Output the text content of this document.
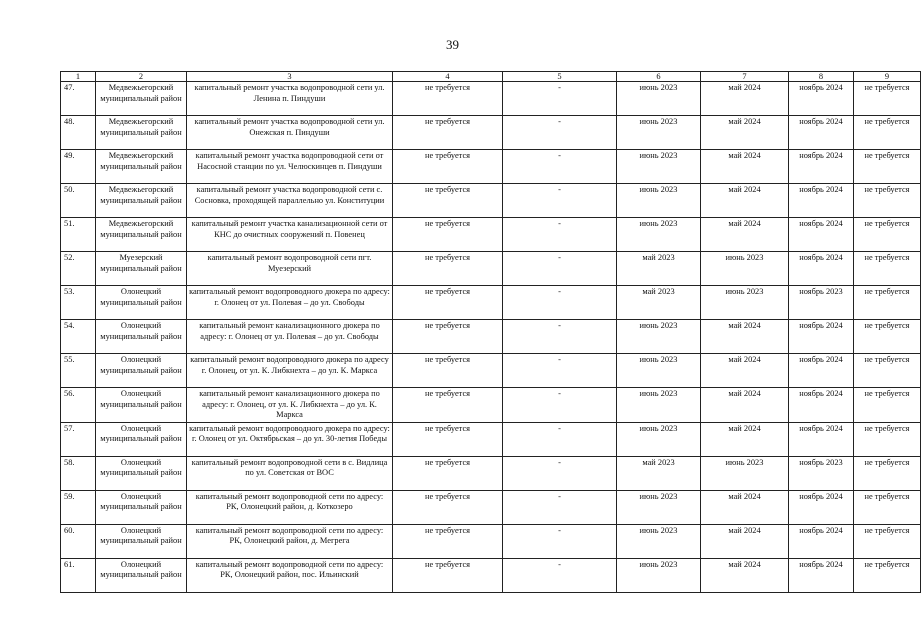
39
1	2	3	4	5	6	7	8	9
47.	Медвежьегорский муниципальный район	капитальный ремонт участка водопроводной сети ул. Ленина п. Пиндуши	не требуется	-	июнь 2023	май 2024	ноябрь 2024	не требуется
48.	Медвежьегорский муниципальный район	капитальный ремонт участка водопроводной сети ул. Онежская п. Пиндуши	не требуется	-	июнь 2023	май 2024	ноябрь 2024	не требуется
49.	Медвежьегорский муниципальный район	капитальный ремонт участка водопроводной сети от Насосной станции по ул. Челюскинцев п. Пиндуши	не требуется	-	июнь 2023	май 2024	ноябрь 2024	не требуется
50.	Медвежьегорский муниципальный район	капитальный ремонт участка водопроводной сети с. Сосновка, проходящей параллельно ул. Конституции	не требуется	-	июнь 2023	май 2024	ноябрь 2024	не требуется
51.	Медвежьегорский муниципальный район	капитальный ремонт участка канализационной сети от КНС до очистных сооружений п. Повенец	не требуется	-	июнь 2023	май 2024	ноябрь 2024	не требуется
52.	Муезерский муниципальный район	капитальный ремонт водопроводной сети пгт. Муезерский	не требуется	-	май 2023	июнь 2023	ноябрь 2024	не требуется
53.	Олонецкий муниципальный район	капитальный ремонт водопроводного дюкера по адресу: г. Олонец от ул. Полевая – до ул. Свободы	не требуется	-	май 2023	июнь 2023	ноябрь 2023	не требуется
54.	Олонецкий муниципальный район	капитальный ремонт канализационного дюкера по адресу: г. Олонец от ул. Полевая – до ул. Свободы	не требуется	-	июнь 2023	май 2024	ноябрь 2024	не требуется
55.	Олонецкий муниципальный район	капитальный ремонт водопроводного дюкера по адресу г. Олонец, от ул. К. Либкнехта – до ул. К. Маркса	не требуется	-	июнь 2023	май 2024	ноябрь 2024	не требуется
56.	Олонецкий муниципальный район	капитальный ремонт канализационного дюкера по адресу: г. Олонец, от ул. К. Либкнехта – до ул. К. Маркса	не требуется	-	июнь 2023	май 2024	ноябрь 2024	не требуется
57.	Олонецкий муниципальный район	капитальный ремонт водопроводного дюкера по адресу: г. Олонец от ул. Октябрьская – до ул. 30-летия Победы	не требуется	-	июнь 2023	май 2024	ноябрь 2024	не требуется
58.	Олонецкий муниципальный район	капитальный ремонт водопроводной сети в с. Видлица по ул. Советская от ВОС	не требуется	-	май 2023	июнь 2023	ноябрь 2023	не требуется
59.	Олонецкий муниципальный район	капитальный ремонт водопроводной сети по адресу: РК, Олонецкий район, д. Коткозеро	не требуется	-	июнь 2023	май 2024	ноябрь 2024	не требуется
60.	Олонецкий муниципальный район	капитальный ремонт водопроводной сети по адресу: РК, Олонецкий район, д. Мегрега	не требуется	-	июнь 2023	май 2024	ноябрь 2024	не требуется
61.	Олонецкий муниципальный район	капитальный ремонт водопроводной сети по адресу: РК, Олонецкий район, пос. Ильинский	не требуется	-	июнь 2023	май 2024	ноябрь 2024	не требуется
